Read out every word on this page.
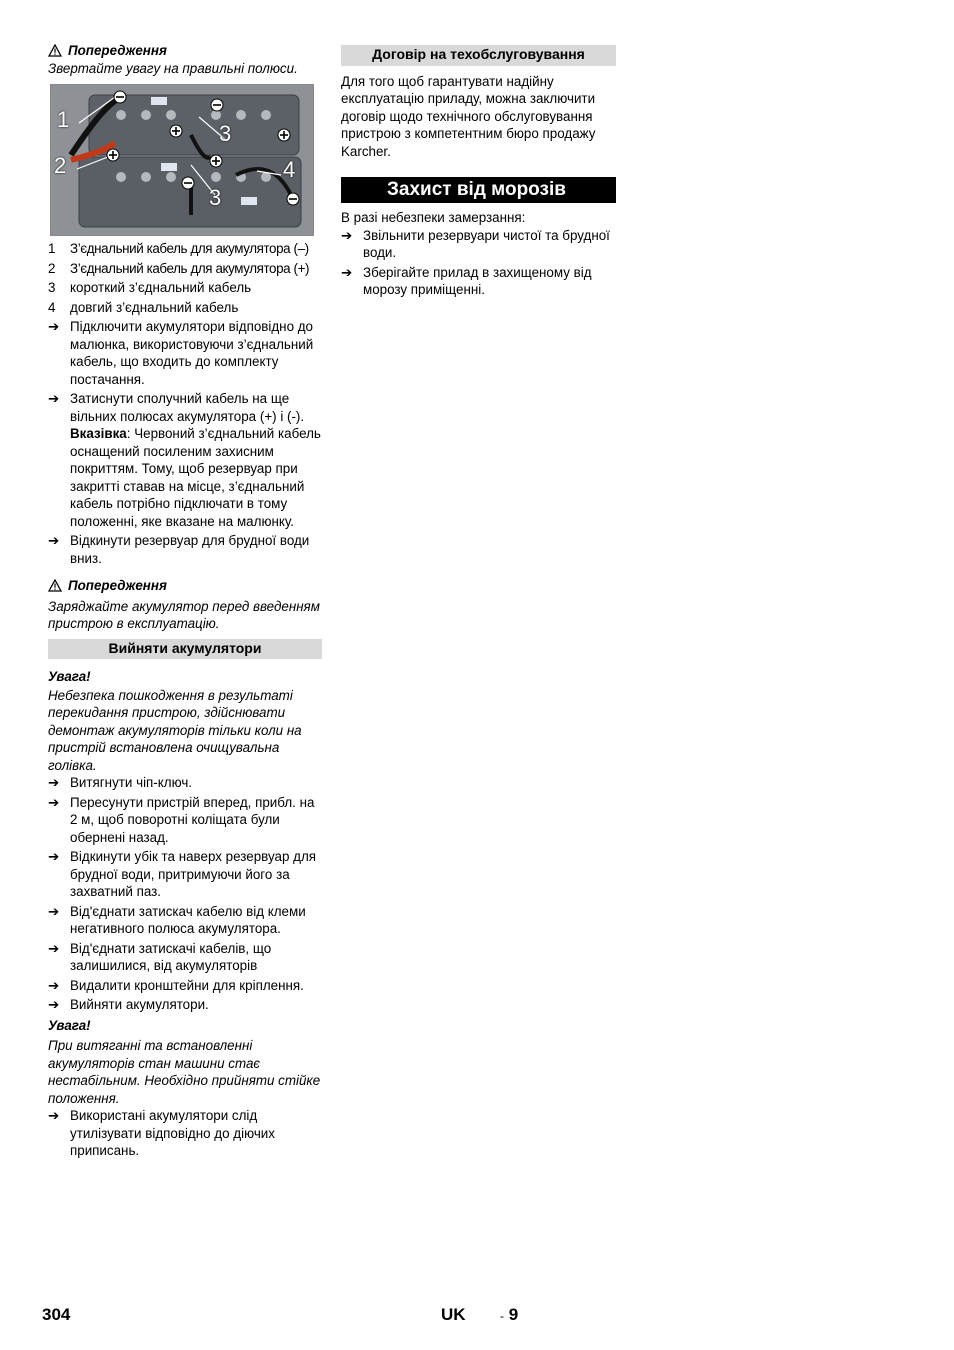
Попередження
Звертайте увагу на правильні полюси.
1
2
3
3
4
1	З’єднальний кабель для акумулятора (–)
2	З’єднальний кабель для акумулятора (+)
3	короткий з’єднальний кабель
4	довгий з’єднальний кабель
➔ Підключити акумулятори відповідно до малюнка, використовуючи з’єднальний кабель, що входить до комплекту постачання.
➔ Затиснути сполучний кабель на ще вільних полюсах акумулятора (+) і (-).
Вказівка: Червоний з’єднальний кабель оснащений посиленим захисним покриттям. Тому, щоб резервуар при закритті ставав на місце, з’єднальний кабель потрібно підключати в тому положенні, яке вказане на малюнку.
➔ Відкинути резервуар для брудної води вниз.
Попередження
Заряджайте акумулятор перед введенням пристрою в експлуатацію.
Вийняти акумулятори
Увага!
Небезпека пошкодження в результаті перекидання пристрою, здійснювати демонтаж акумуляторів тільки коли на пристрій встановлена очищувальна голівка.
➔ Витягнути чіп-ключ.
➔ Пересунути пристрій вперед, прибл. на 2 м, щоб поворотні коліщата були обернені назад.
➔ Відкинути убік та наверх резервуар для брудної води, притримуючи його за захватний паз.
➔ Від'єднати затискач кабелю від клеми негативного полюса акумулятора.
➔ Від'єднати затискачі кабелів, що залишилися, від акумуляторів
➔ Видалити кронштейни для кріплення.
➔ Вийняти акумулятори.
Увага!
При витяганні та встановленні акумуляторів стан машини стає нестабільним. Необхідно прийняти стійке положення.
➔ Використані акумулятори слід утилізувати відповідно до діючих приписань.
Договір на техобслуговування
Для того щоб гарантувати надійну експлуатацію приладу, можна заключити договір щодо технічного обслуговування пристрою з компетентним бюро продажу Karcher.
Захист від морозів
В разі небезпеки замерзання:
➔ Звільнити резервуари чистої та брудної води.
➔ Зберігайте прилад в захищеному від морозу приміщенні.
304	UK	- 9
